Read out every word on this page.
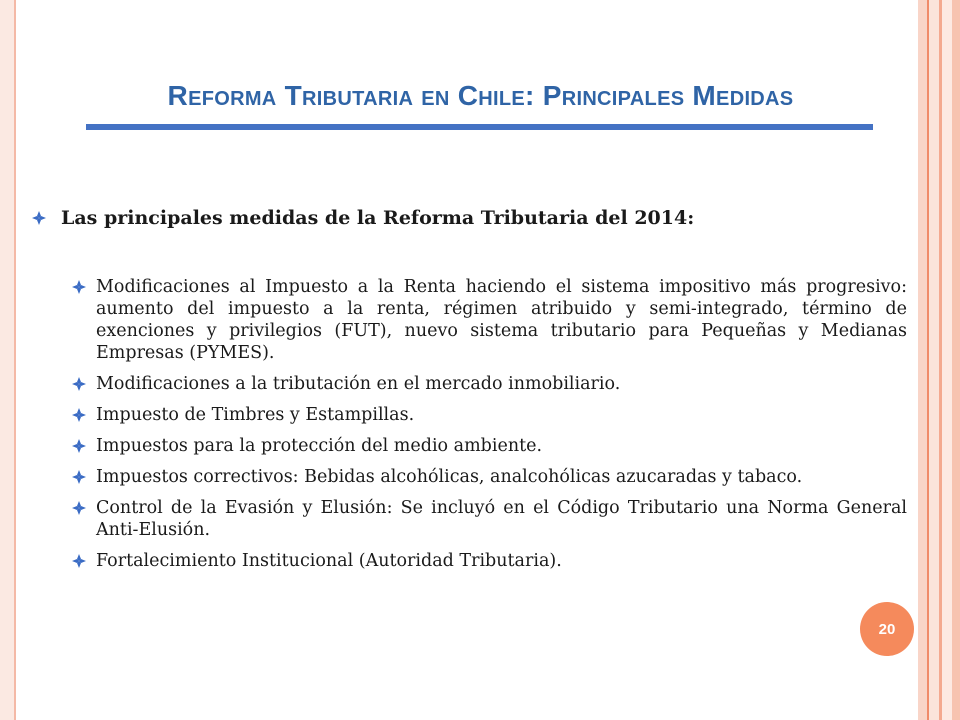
Reforma Tributaria en Chile: Principales Medidas
Las principales medidas de la Reforma Tributaria del 2014:
Modificaciones al Impuesto a la Renta haciendo el sistema impositivo más progresivo: aumento del impuesto a la renta, régimen atribuido y semi-integrado, término de exenciones y privilegios (FUT), nuevo sistema tributario para Pequeñas y Medianas Empresas (PYMES).
Modificaciones a la tributación en el mercado inmobiliario.
Impuesto de Timbres y Estampillas.
Impuestos para la protección del medio ambiente.
Impuestos correctivos: Bebidas alcohólicas, analcohólicas azucaradas y tabaco.
Control de la Evasión y Elusión: Se incluyó en el Código Tributario una Norma General Anti-Elusión.
Fortalecimiento Institucional (Autoridad Tributaria).
20
